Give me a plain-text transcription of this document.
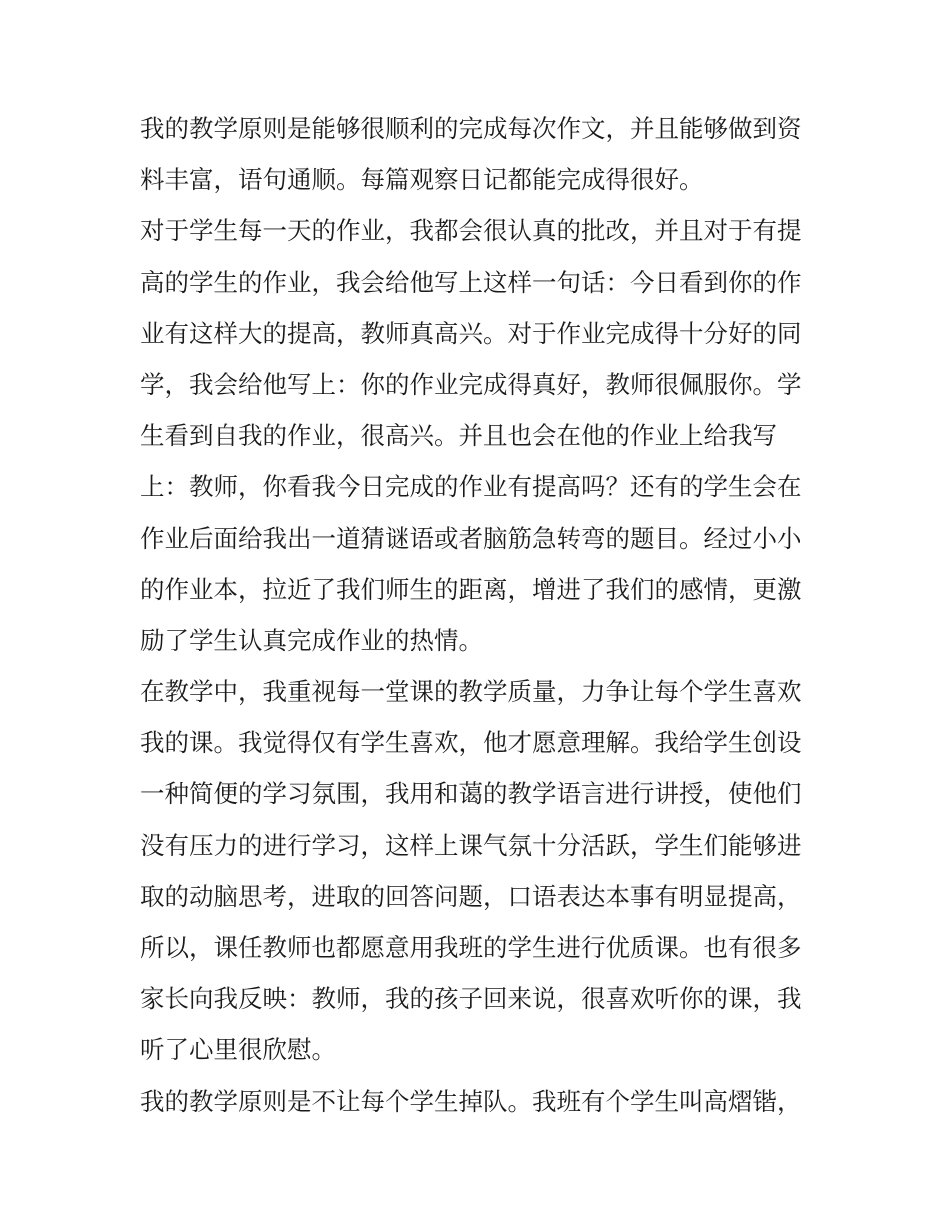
我的教学原则是能够很顺利的完成每次作文，并且能够做到资
料丰富，语句通顺。每篇观察日记都能完成得很好。
对于学生每一天的作业，我都会很认真的批改，并且对于有提
高的学生的作业，我会给他写上这样一句话：今日看到你的作
业有这样大的提高，教师真高兴。对于作业完成得十分好的同
学，我会给他写上：你的作业完成得真好，教师很佩服你。学
生看到自我的作业，很高兴。并且也会在他的作业上给我写
上：教师，你看我今日完成的作业有提高吗？还有的学生会在
作业后面给我出一道猜谜语或者脑筋急转弯的题目。经过小小
的作业本，拉近了我们师生的距离，增进了我们的感情，更激
励了学生认真完成作业的热情。
在教学中，我重视每一堂课的教学质量，力争让每个学生喜欢
我的课。我觉得仅有学生喜欢，他才愿意理解。我给学生创设
一种简便的学习氛围，我用和蔼的教学语言进行讲授，使他们
没有压力的进行学习，这样上课气氛十分活跃，学生们能够进
取的动脑思考，进取的回答问题，口语表达本事有明显提高，
所以，课任教师也都愿意用我班的学生进行优质课。也有很多
家长向我反映：教师，我的孩子回来说，很喜欢听你的课，我
听了心里很欣慰。
我的教学原则是不让每个学生掉队。我班有个学生叫高熠锴，
